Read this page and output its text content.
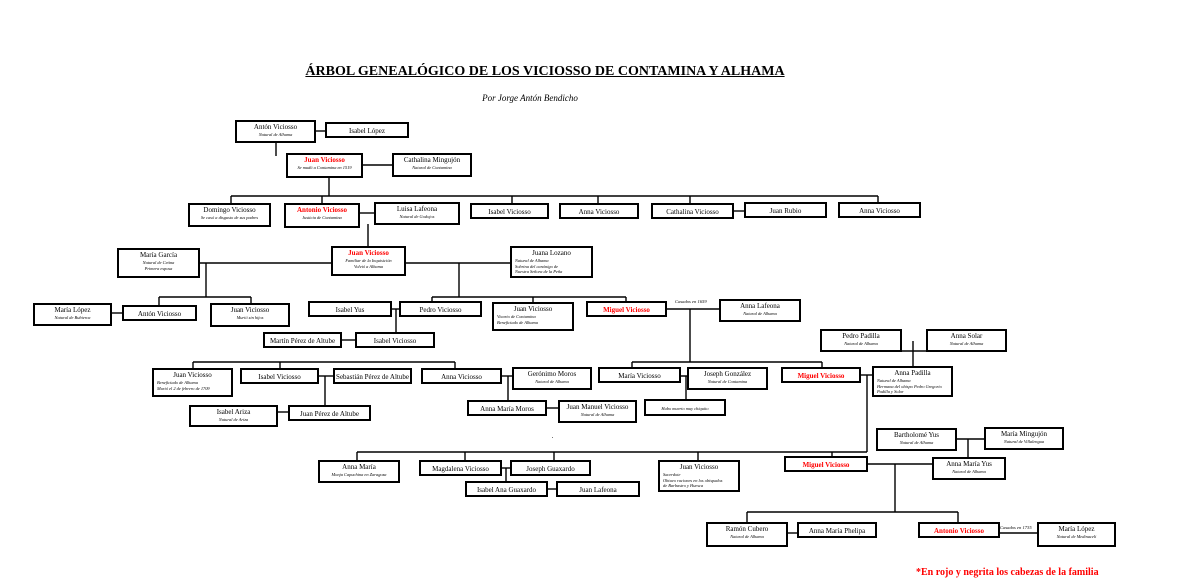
ÁRBOL GENEALÓGICO DE LOS VICIOSSO DE CONTAMINA Y ALHAMA
Por Jorge Antón Bendicho
Antón Viciosso
Natural de Alhama	Isabel López
Juan Viciosso
Se mudó a Contamina en 1519
Cathalina Mingujón
Natural de Contamina
Domingo Viciosso
Se casó a disgusto de sus padres
Antonio Viciosso
Justicia de Contamina
Luisa Lafeona
Natural de Godojos
Isabel Viciosso	Anna Viciosso	Cathalina Viciosso	Juan Rubio	Anna Viciosso
María García
Natural de Cetina
Primera esposa
Juan Viciosso
Familiar de la Inquisición
Volvió a Alhama
Juana Lozano
Natural de Alhama
Sobrina del canónigo de
Nuestra Señora de la Peña
María López
Natural de Bubierca	Antón Viciosso	Juan Viciosso
Murió sin hijos
Isabel Yus	Pedro Viciosso	Juan Viciosso
Vicario de Contamina
Beneficiado de Alhama
Miguel Viciosso
Casados en 1659
Anna Lafeona
Natural de Alhama
Martín Pérez de Altube	Isabel Viciosso
Pedro Padilla
Natural de Alhama
Anna Solar
Natural de Alhama
Juan Viciosso
Beneficiado de Alhama
Murió el 2 de febrero de 1709
Isabel Viciosso	Sebastián Pérez de Altube	Anna Viciosso	Gerónimo Moros
Natural de Alhama
María Viciosso	Joseph González
Natural de Contamina
Miguel Viciosso	Anna Padilla
Natural de Alhama
Hermana del obispo Pedro Gregorio
Padilla y Solar
Isabel Ariza
Natural de Ariza
Juan Pérez de Altube
Anna María Moros	Juan Manuel Viciosso
Natural de Alhama
Hubo muerto muy chiquito
Bartholomé Yus
Natural de Alhama
María Mingujón
Natural de Villalengua
Anna María
Monja Capuchina en Zaragoza
Magdalena Viciosso	Joseph Guaxardo	Juan Viciosso
Sacerdote
Obtuvo raciones en los obispados
de Barbastro y Huesca
Miguel Viciosso	Anna María Yus
Natural de Alhama
Isabel Ana Guaxardo	Juan Lafeona
Ramón Cubero
Natural de Alhama
Anna María Phelipa	Antonio Viciosso	Casados en 1735	María López
Natural de Medinaceli
*En rojo y negrita los cabezas de la familia
